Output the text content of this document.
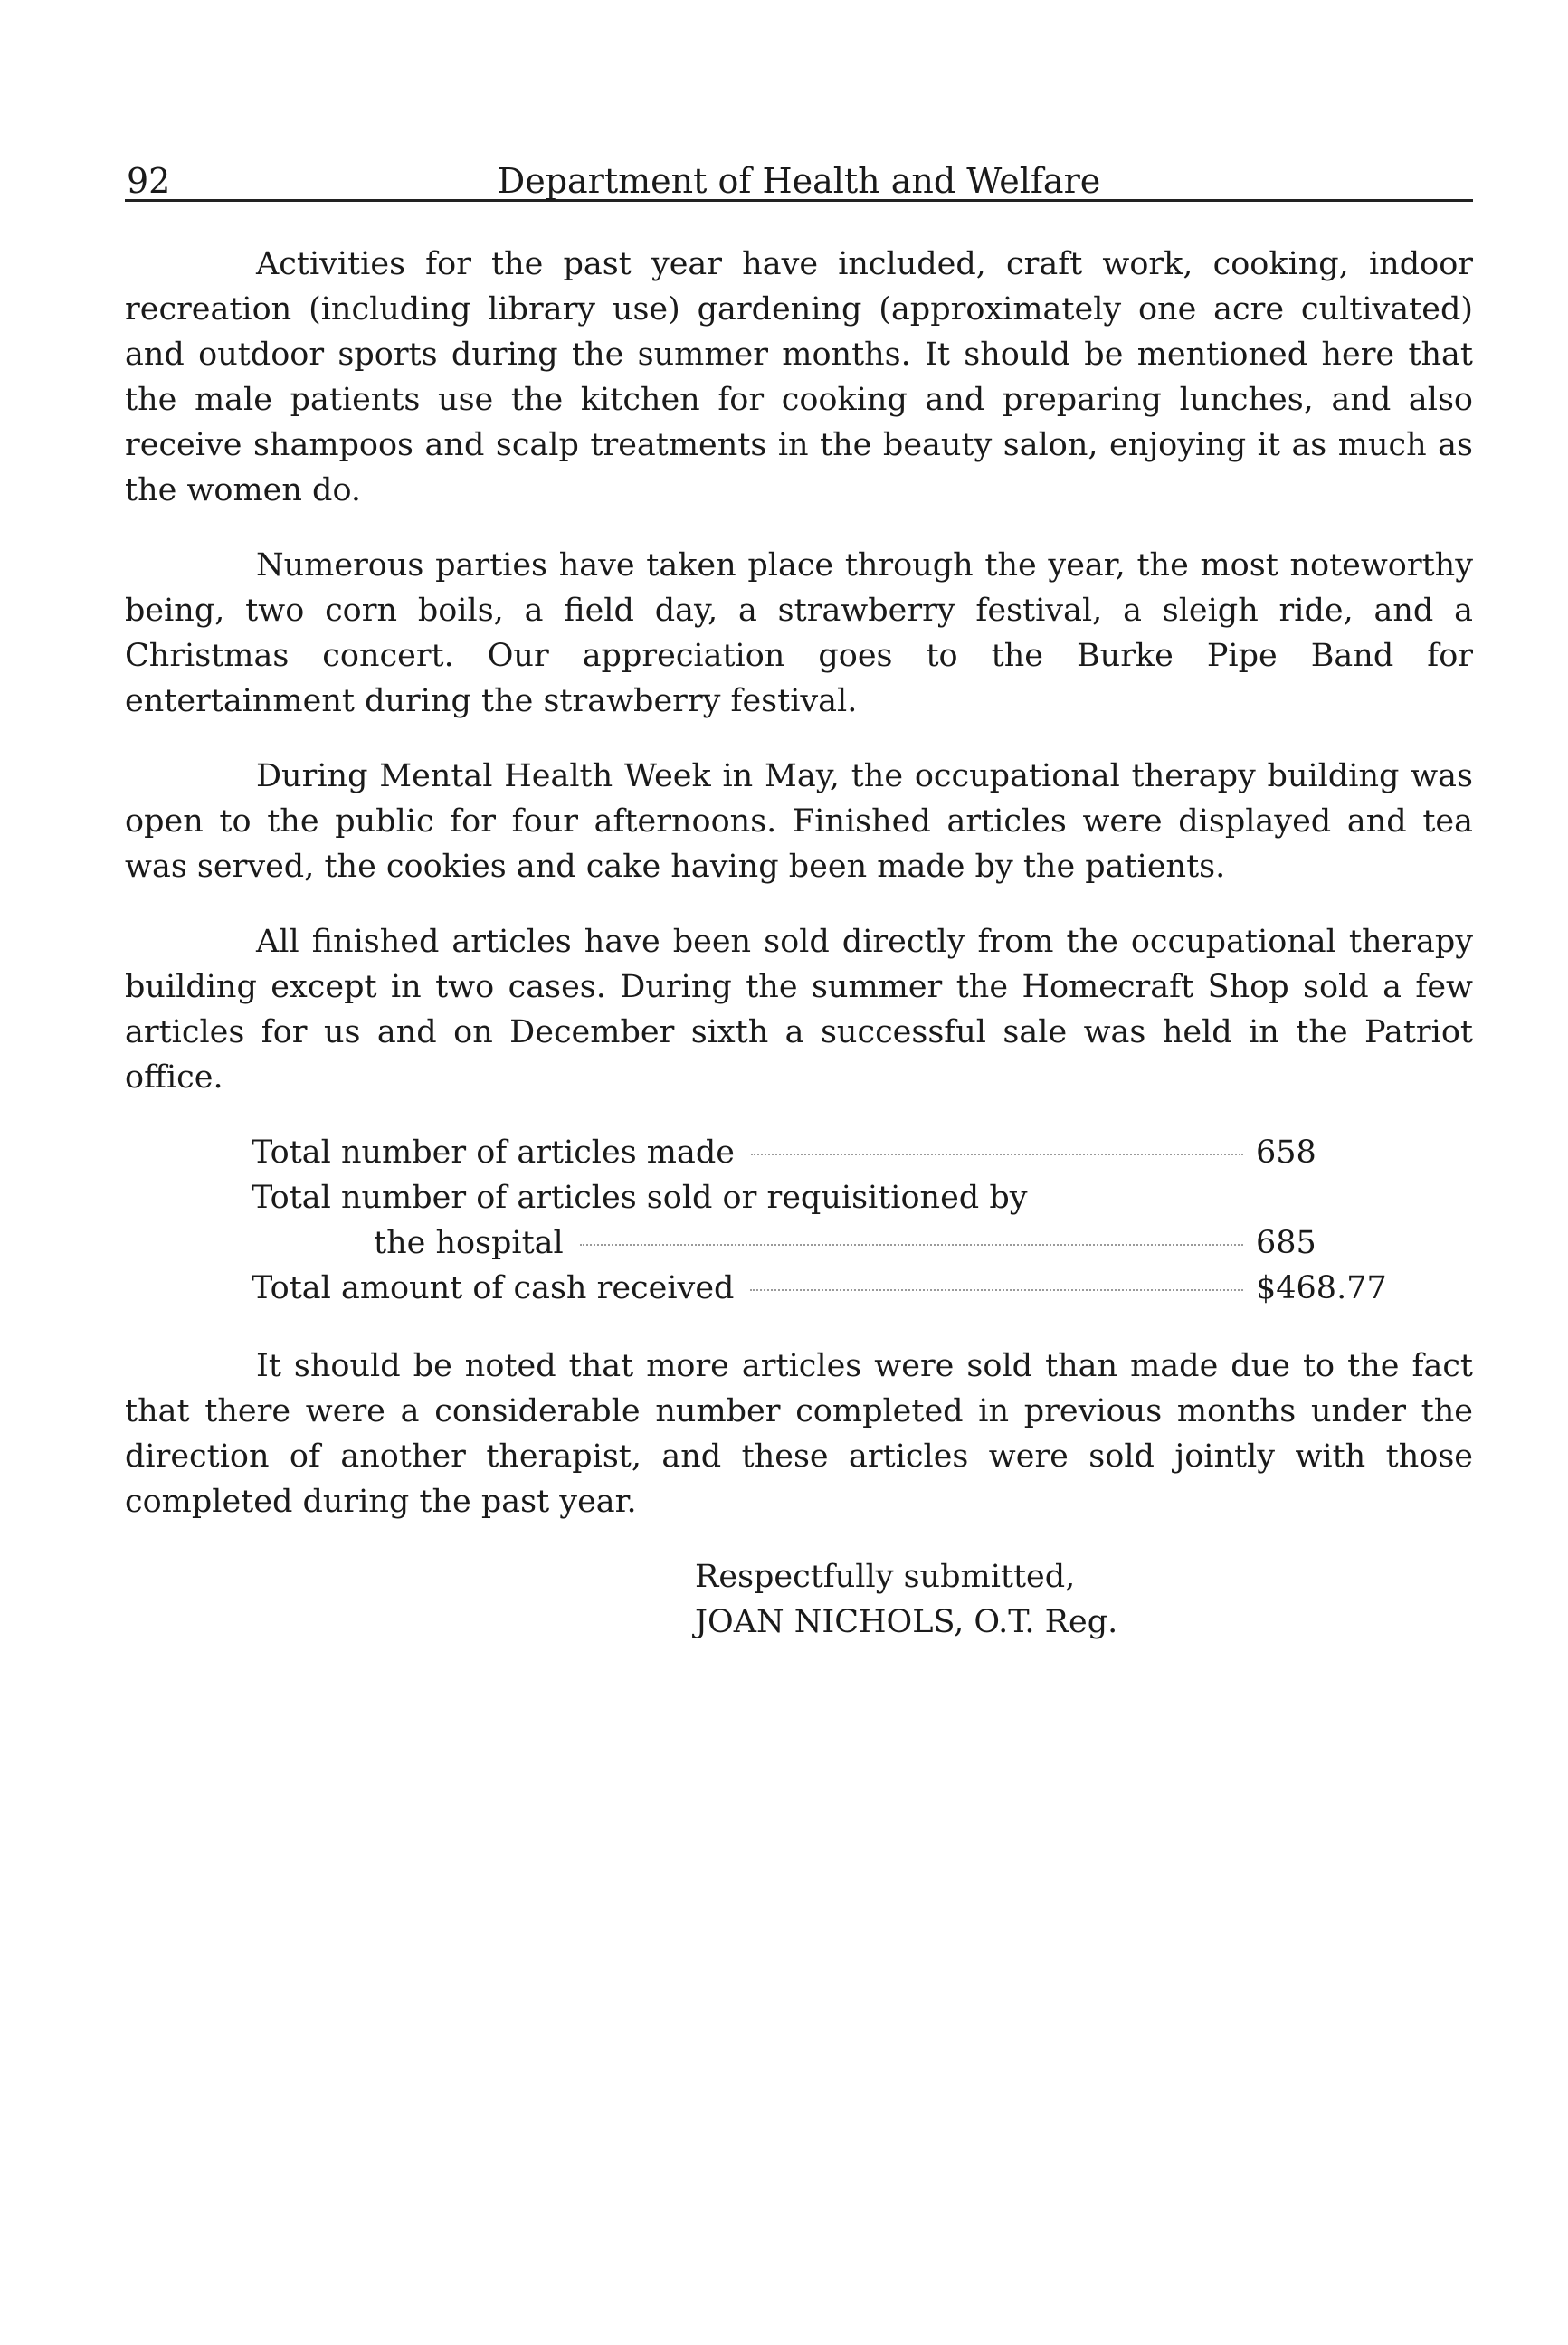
92	Department of Health and Welfare

Activities for the past year have included, craft work, cooking, indoor recreation (including library use) gardening (approximately one acre cultivated) and outdoor sports during the summer months. It should be mentioned here that the male patients use the kitchen for cooking and preparing lunches, and also receive shampoos and scalp treatments in the beauty salon, enjoying it as much as the women do.

Numerous parties have taken place through the year, the most noteworthy being, two corn boils, a field day, a strawberry festival, a sleigh ride, and a Christmas concert. Our appreciation goes to the Burke Pipe Band for entertainment during the strawberry festival.

During Mental Health Week in May, the occupational therapy building was open to the public for four afternoons. Finished articles were displayed and tea was served, the cookies and cake having been made by the patients.

All finished articles have been sold directly from the occupational therapy building except in two cases. During the summer the Homecraft Shop sold a few articles for us and on December sixth a successful sale was held in the Patriot office.

Total number of articles made	658
Total number of articles sold or requisitioned by
the hospital	685
Total amount of cash received	$468.77

It should be noted that more articles were sold than made due to the fact that there were a considerable number completed in previous months under the direction of another therapist, and these articles were sold jointly with those completed during the past year.

Respectfully submitted,
JOAN NICHOLS, O.T. Reg.
